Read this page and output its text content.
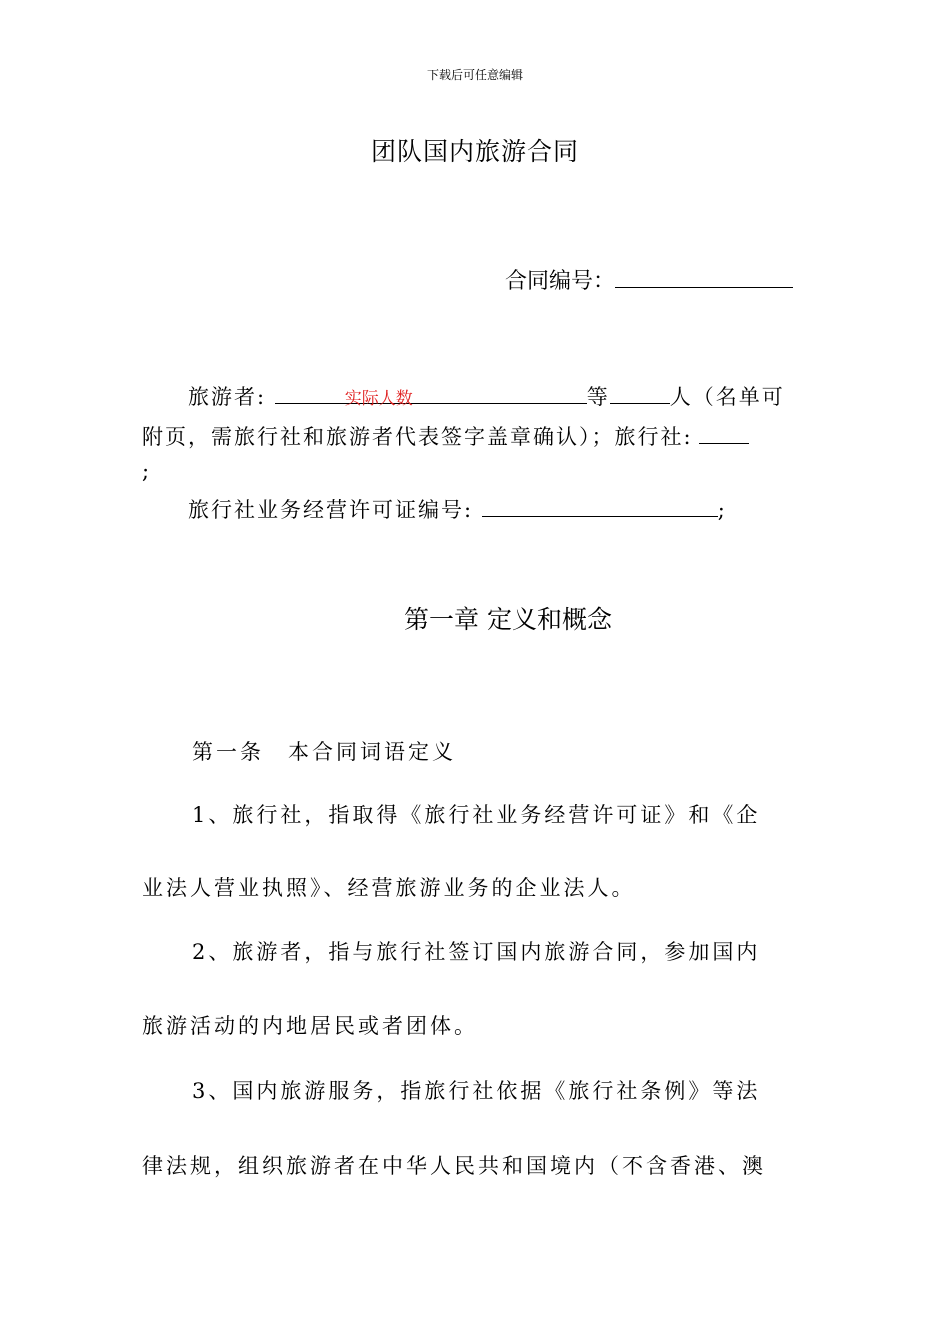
下载后可任意编辑
团队国内旅游合同
合同编号：
旅游者:	实际人数	等	人（名单可
附页，需旅行社和旅游者代表签字盖章确认）；旅行社:
;
旅行社业务经营许可证编号:	;
第一章 定义和概念
第一条　本合同词语定义
1、旅行社，指取得《旅行社业务经营许可证》和《企
业法人营业执照》、经营旅游业务的企业法人。
2、旅游者，指与旅行社签订国内旅游合同，参加国内
旅游活动的内地居民或者团体。
3、国内旅游服务，指旅行社依据《旅行社条例》等法
律法规，组织旅游者在中华人民共和国境内（不含香港、澳
